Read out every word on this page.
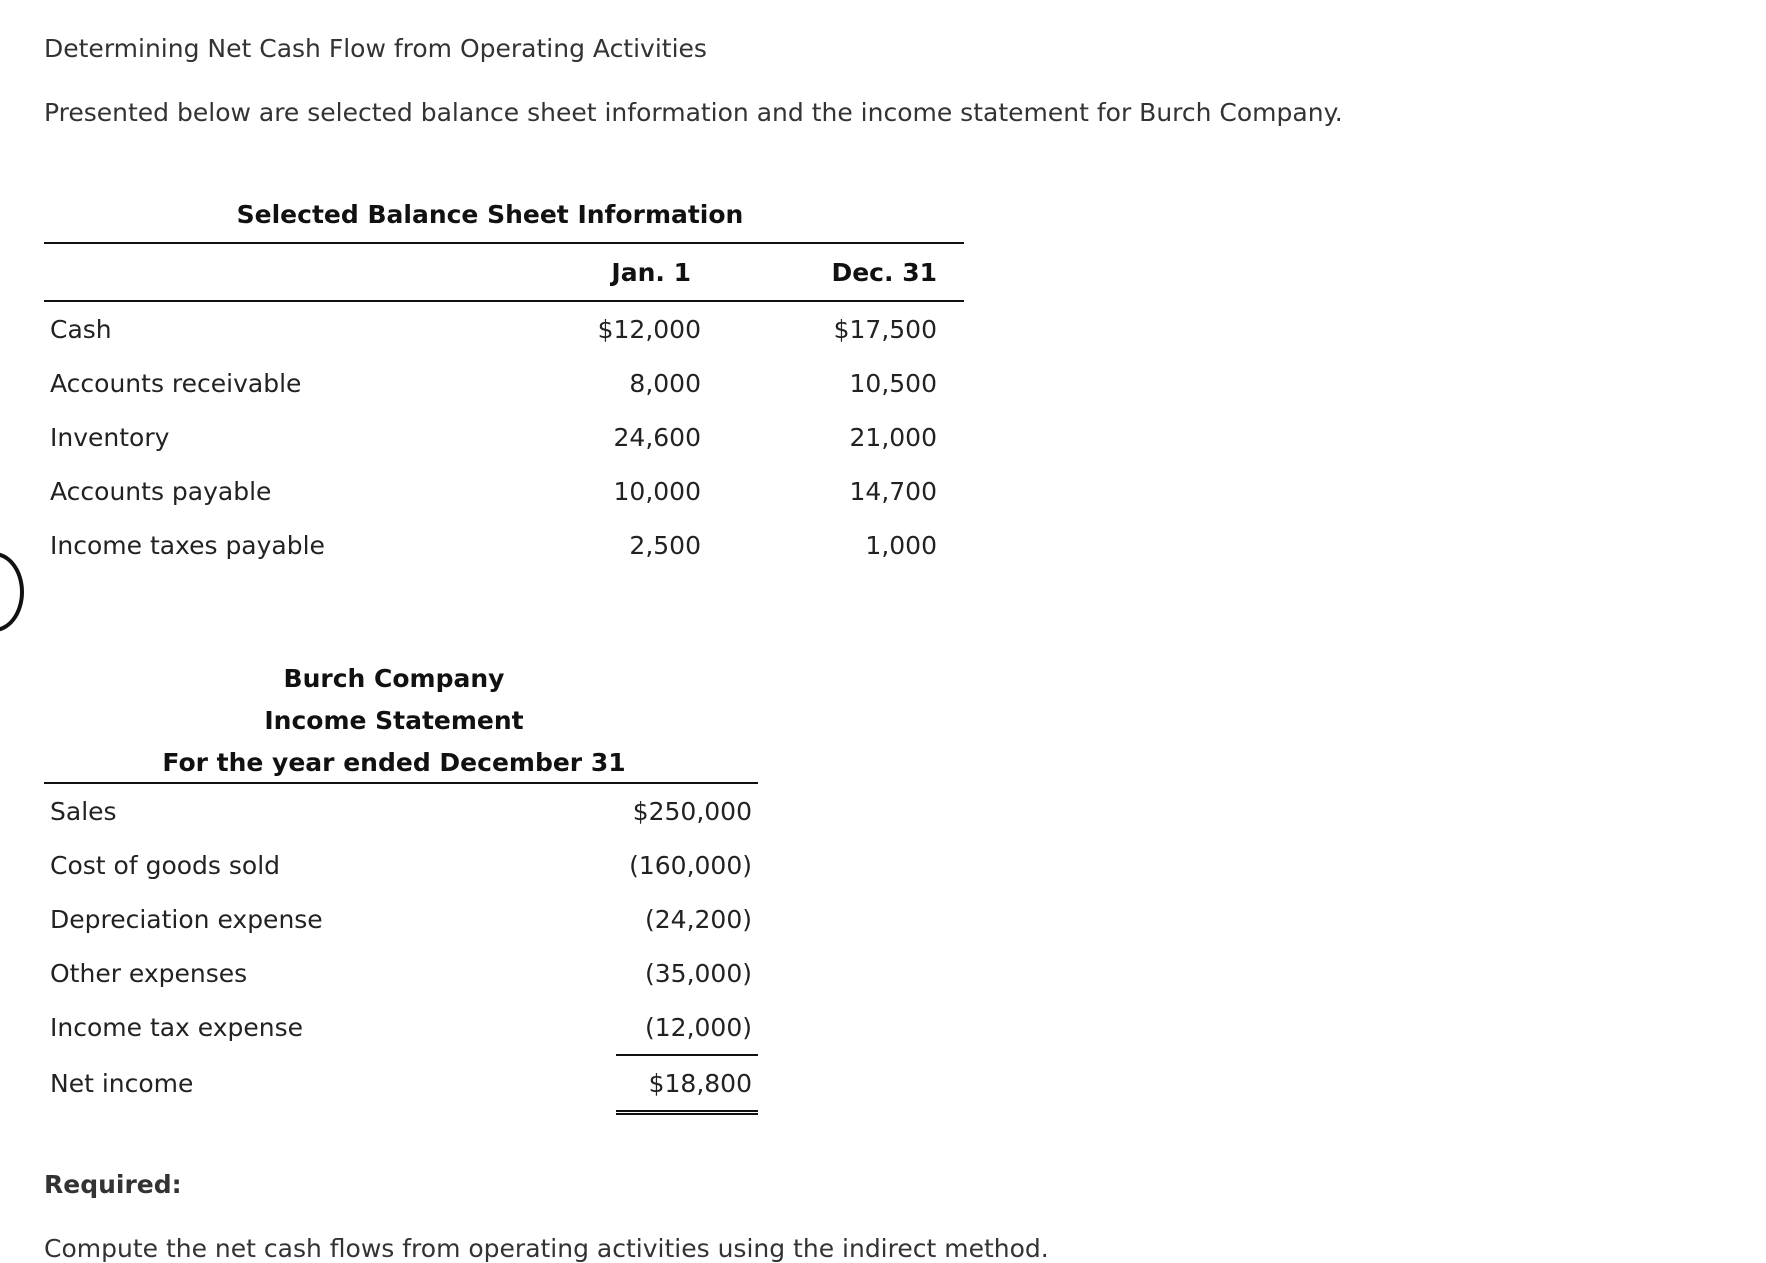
Determining Net Cash Flow from Operating Activities
Presented below are selected balance sheet information and the income statement for Burch Company.
Selected Balance Sheet Information
	Jan. 1	Dec. 31	
Cash	$12,000	$17,500	
Accounts receivable	8,000	10,500	
Inventory	24,600	21,000	
Accounts payable	10,000	14,700	
Income taxes payable	2,500	1,000	
Burch Company
Income Statement
For the year ended December 31
Sales	$250,000
Cost of goods sold	(160,000)
Depreciation expense	(24,200)
Other expenses	(35,000)
Income tax expense	(12,000)
Net income	$18,800
Required:
Compute the net cash flows from operating activities using the indirect method.
